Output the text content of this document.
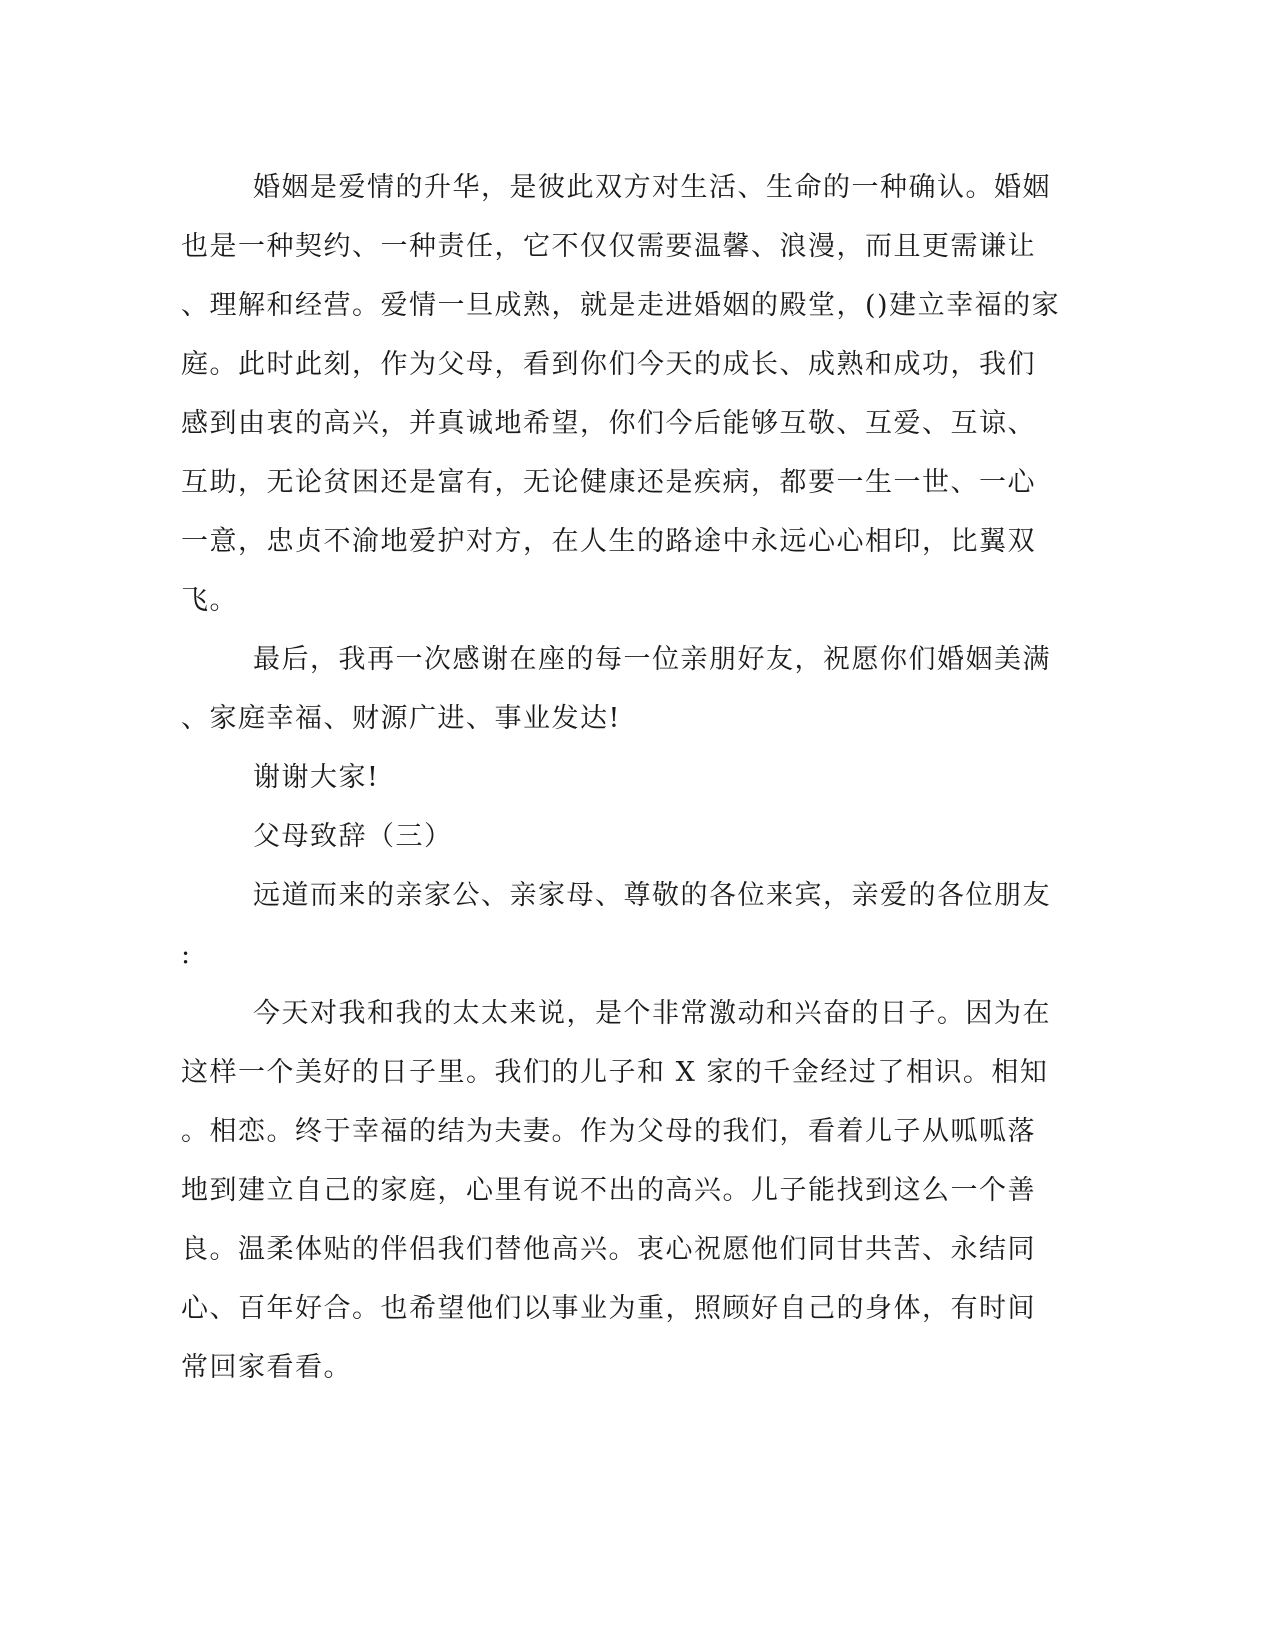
婚姻是爱情的升华，是彼此双方对生活、生命的一种确认。婚姻
也是一种契约、一种责任，它不仅仅需要温馨、浪漫，而且更需谦让
、理解和经营。爱情一旦成熟，就是走进婚姻的殿堂，()建立幸福的家
庭。此时此刻，作为父母，看到你们今天的成长、成熟和成功，我们
感到由衷的高兴，并真诚地希望，你们今后能够互敬、互爱、互谅、
互助，无论贫困还是富有，无论健康还是疾病，都要一生一世、一心
一意，忠贞不渝地爱护对方，在人生的路途中永远心心相印，比翼双
飞。
最后，我再一次感谢在座的每一位亲朋好友，祝愿你们婚姻美满
、家庭幸福、财源广进、事业发达!
谢谢大家!
父母致辞（三）
远道而来的亲家公、亲家母、尊敬的各位来宾，亲爱的各位朋友
:
今天对我和我的太太来说，是个非常激动和兴奋的日子。因为在
这样一个美好的日子里。我们的儿子和 X 家的千金经过了相识。相知
。相恋。终于幸福的结为夫妻。作为父母的我们，看着儿子从呱呱落
地到建立自己的家庭，心里有说不出的高兴。儿子能找到这么一个善
良。温柔体贴的伴侣我们替他高兴。衷心祝愿他们同甘共苦、永结同
心、百年好合。也希望他们以事业为重，照顾好自己的身体，有时间
常回家看看。
